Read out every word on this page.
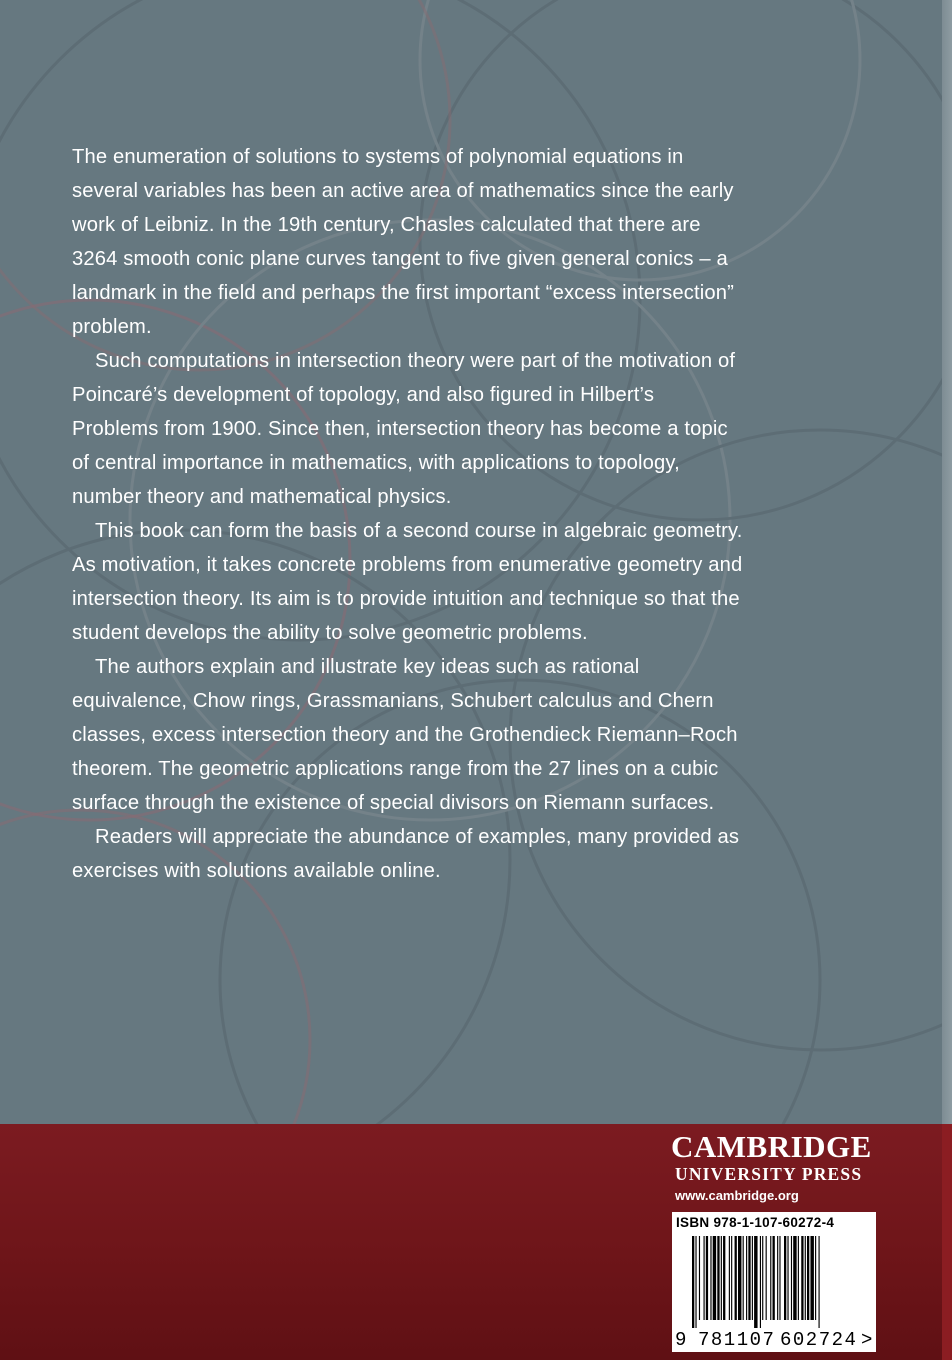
The enumeration of solutions to systems of polynomial equations in several variables has been an active area of mathematics since the early work of Leibniz. In the 19th century, Chasles calculated that there are 3264 smooth conic plane curves tangent to five given general conics – a landmark in the field and perhaps the first important “excess intersection” problem.

Such computations in intersection theory were part of the motivation of Poincaré’s development of topology, and also figured in Hilbert’s Problems from 1900. Since then, intersection theory has become a topic of central importance in mathematics, with applications to topology, number theory and mathematical physics.

This book can form the basis of a second course in algebraic geometry. As motivation, it takes concrete problems from enumerative geometry and intersection theory. Its aim is to provide intuition and technique so that the student develops the ability to solve geometric problems.

The authors explain and illustrate key ideas such as rational equivalence, Chow rings, Grassmanians, Schubert calculus and Chern classes, excess intersection theory and the Grothendieck Riemann–Roch theorem. The geometric applications range from the 27 lines on a cubic surface through the existence of special divisors on Riemann surfaces.

Readers will appreciate the abundance of examples, many provided as exercises with solutions available online.

CAMBRIDGE
UNIVERSITY PRESS
www.cambridge.org
9 781107 602724 >
ISBN 978-1-107-60272-4
